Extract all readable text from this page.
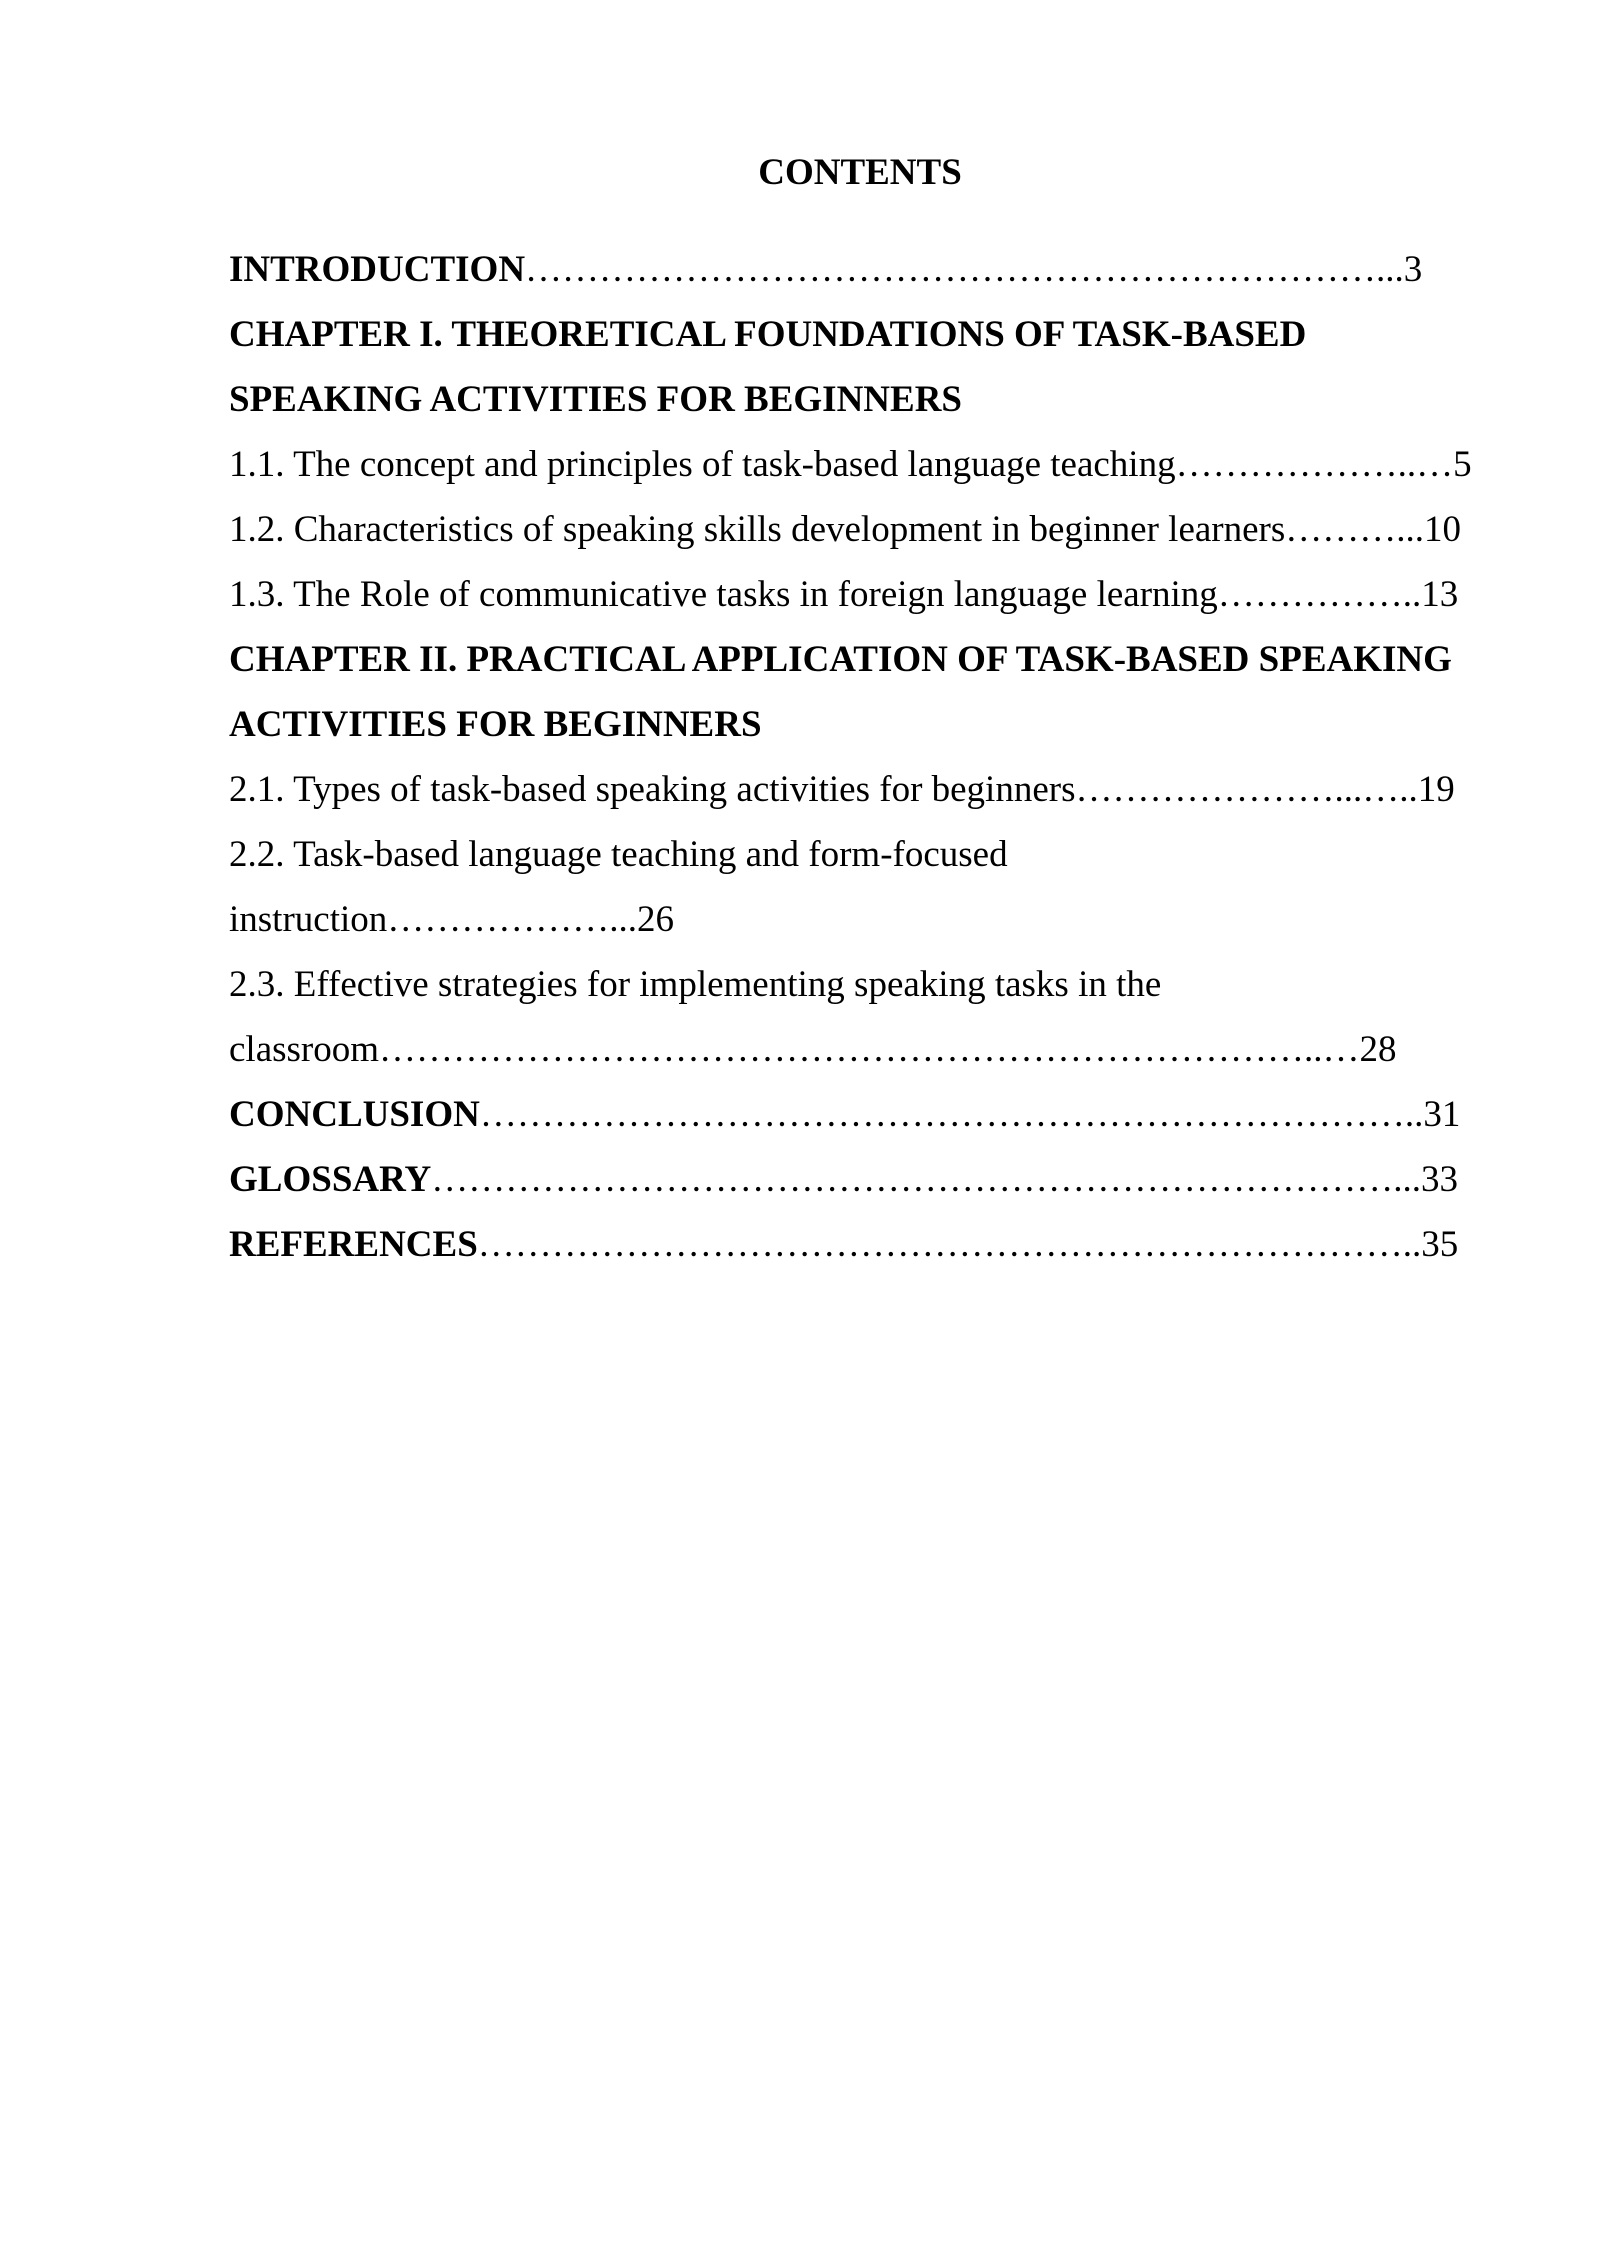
CONTENTS
INTRODUCTION……………………………………………………………...3
CHAPTER I. THEORETICAL FOUNDATIONS OF TASK-BASED
SPEAKING ACTIVITIES FOR BEGINNERS
1.1. The concept and principles of task-based language teaching………………..…5
1.2. Characteristics of speaking skills development in beginner learners………...10
1.3. The Role of communicative tasks in foreign language learning……………..13
CHAPTER II. PRACTICAL APPLICATION OF TASK-BASED SPEAKING
ACTIVITIES FOR BEGINNERS
2.1. Types of task-based speaking activities for beginners…………………...…..19
2.2. Task-based language teaching and form-focused
instruction………………...26
2.3. Effective strategies for implementing speaking tasks in the
classroom…………………………………………………………………..…28
CONCLUSION…………………………………………………………………..31
GLOSSARY……………………………………………………………………...33
REFERENCES…………………………………………………………………..35
